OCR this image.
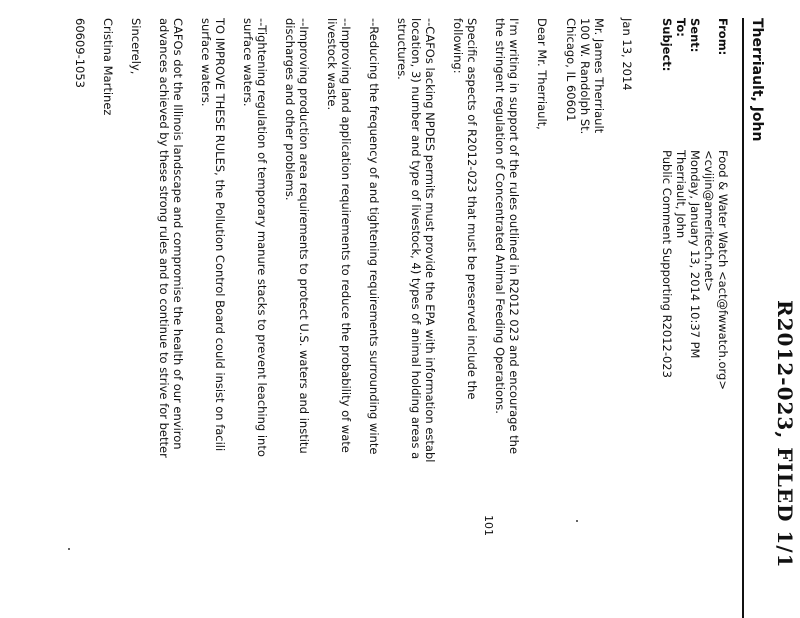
R2012-023, FILED 1/1
Therriault, John
From:
Food & Water Watch <act@fwwatch.org>
<cvijin@ameritech.net>
Sent:
Monday, January 13, 2014 10:37 PM
To:
Therriault, John
Subject:
Public Comment Supporting R2012-023
Jan 13, 2014
Mr. James Therriault
100 W. Randolph St.
Chicago, IL 60601
Dear Mr. Therriault,
I'm writing in support of the rules outlined in R2012 023 and encourage the
the stringent regulation of Concentrated Animal Feeding Operations.
Specific aspects of R2012-023 that must be preserved include the
following:
--CAFOs lacking NPDES permits must provide the EPA with information establ
location, 3) number and type of livestock, 4) types of animal holding areas a
structures.
--Reducing the frequency of and tightening requirements surrounding winte
--Improving land application requirements to reduce the probability of wate
livestock waste.
--Improving production area requirements to protect U.S. waters and institu
discharges and other problems.
--Tightening regulation of temporary manure stacks to prevent leaching into
surface waters.
TO IMPROVE THESE RULES, the Pollution Control Board could insist on facili
surface waters.
CAFOs dot the Illinois landscape and compromise the health of our environ
advances achieved by these strong rules and to continue to strive for better
Sincerely,
Cristina Martinez
60609-1053
101
